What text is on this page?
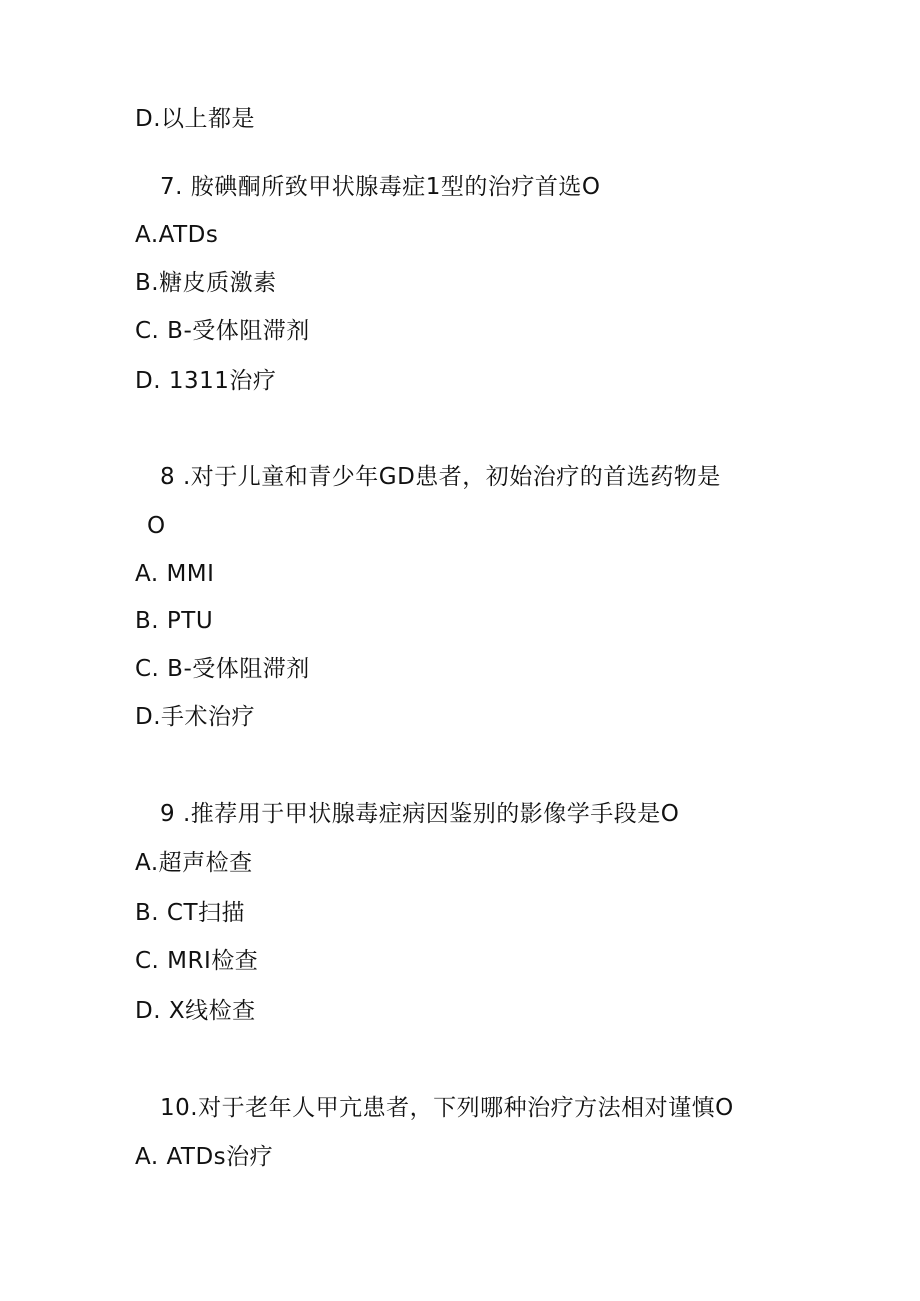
D.以上都是
7. 胺碘酮所致甲状腺毒症1型的治疗首选O
A.ATDs
B.糖皮质激素
C. B-受体阻滞剂
D. 1311治疗
8 .对于儿童和青少年GD患者，初始治疗的首选药物是
O
A. MMI
B. PTU
C. B-受体阻滞剂
D.手术治疗
9 .推荐用于甲状腺毒症病因鉴别的影像学手段是O
A.超声检查
B. CT扫描
C. MRI检查
D. X线检查
10.对于老年人甲亢患者，下列哪种治疗方法相对谨慎O
A. ATDs治疗
